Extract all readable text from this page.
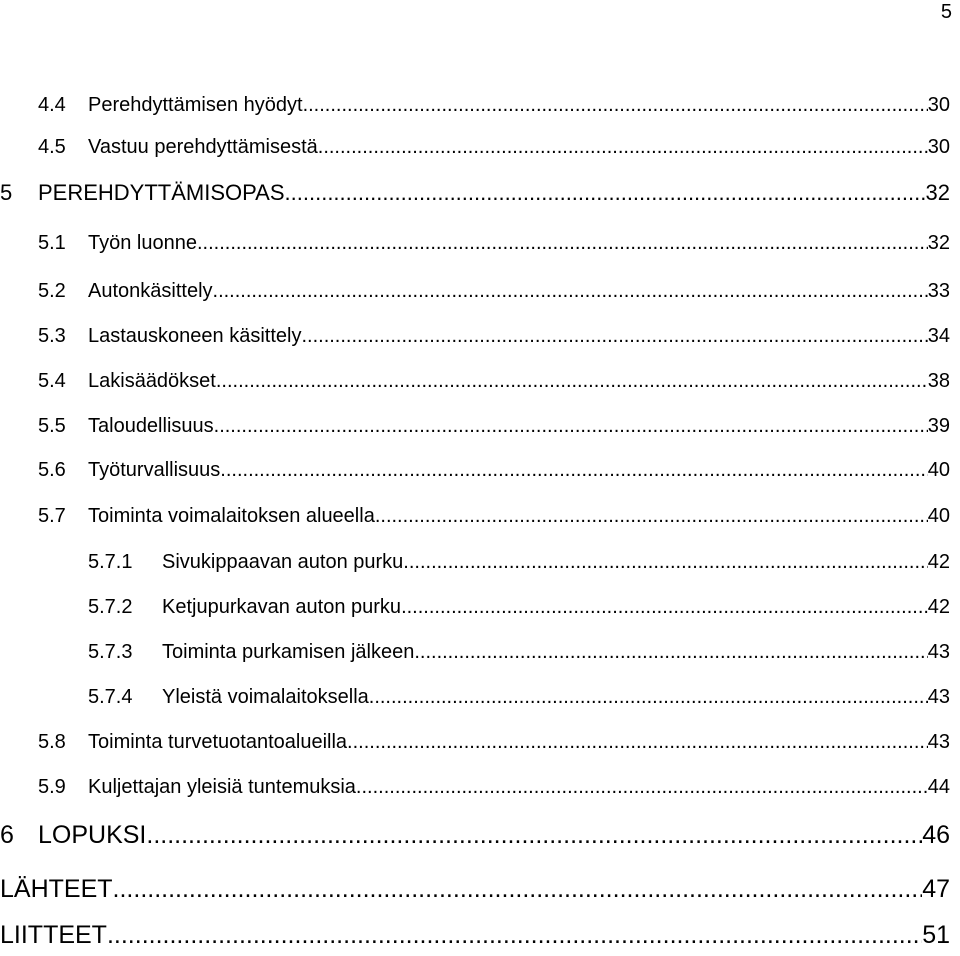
5
4.4	Perehdyttämisen hyödyt .....	30
4.5	Vastuu perehdyttämisestä .....	30
5	PEREHDYTTÄMISOPAS .....	32
5.1	Työn luonne .....	32
5.2	Autonkäsittely .....	33
5.3	Lastauskoneen käsittely .....	34
5.4	Lakisäädökset .....	38
5.5	Taloudellisuus .....	39
5.6	Työturvallisuus .....	40
5.7	Toiminta voimalaitoksen alueella .....	40
5.7.1	Sivukippaavan auton purku .....	42
5.7.2	Ketjupurkavan auton purku .....	42
5.7.3	Toiminta purkamisen jälkeen .....	43
5.7.4	Yleistä voimalaitoksella .....	43
5.8	Toiminta turvetuotantoalueilla .....	43
5.9	Kuljettajan yleisiä tuntemuksia .....	44
6 LOPUKSI .....	46
LÄHTEET .....	47
LIITTEET .....	51
